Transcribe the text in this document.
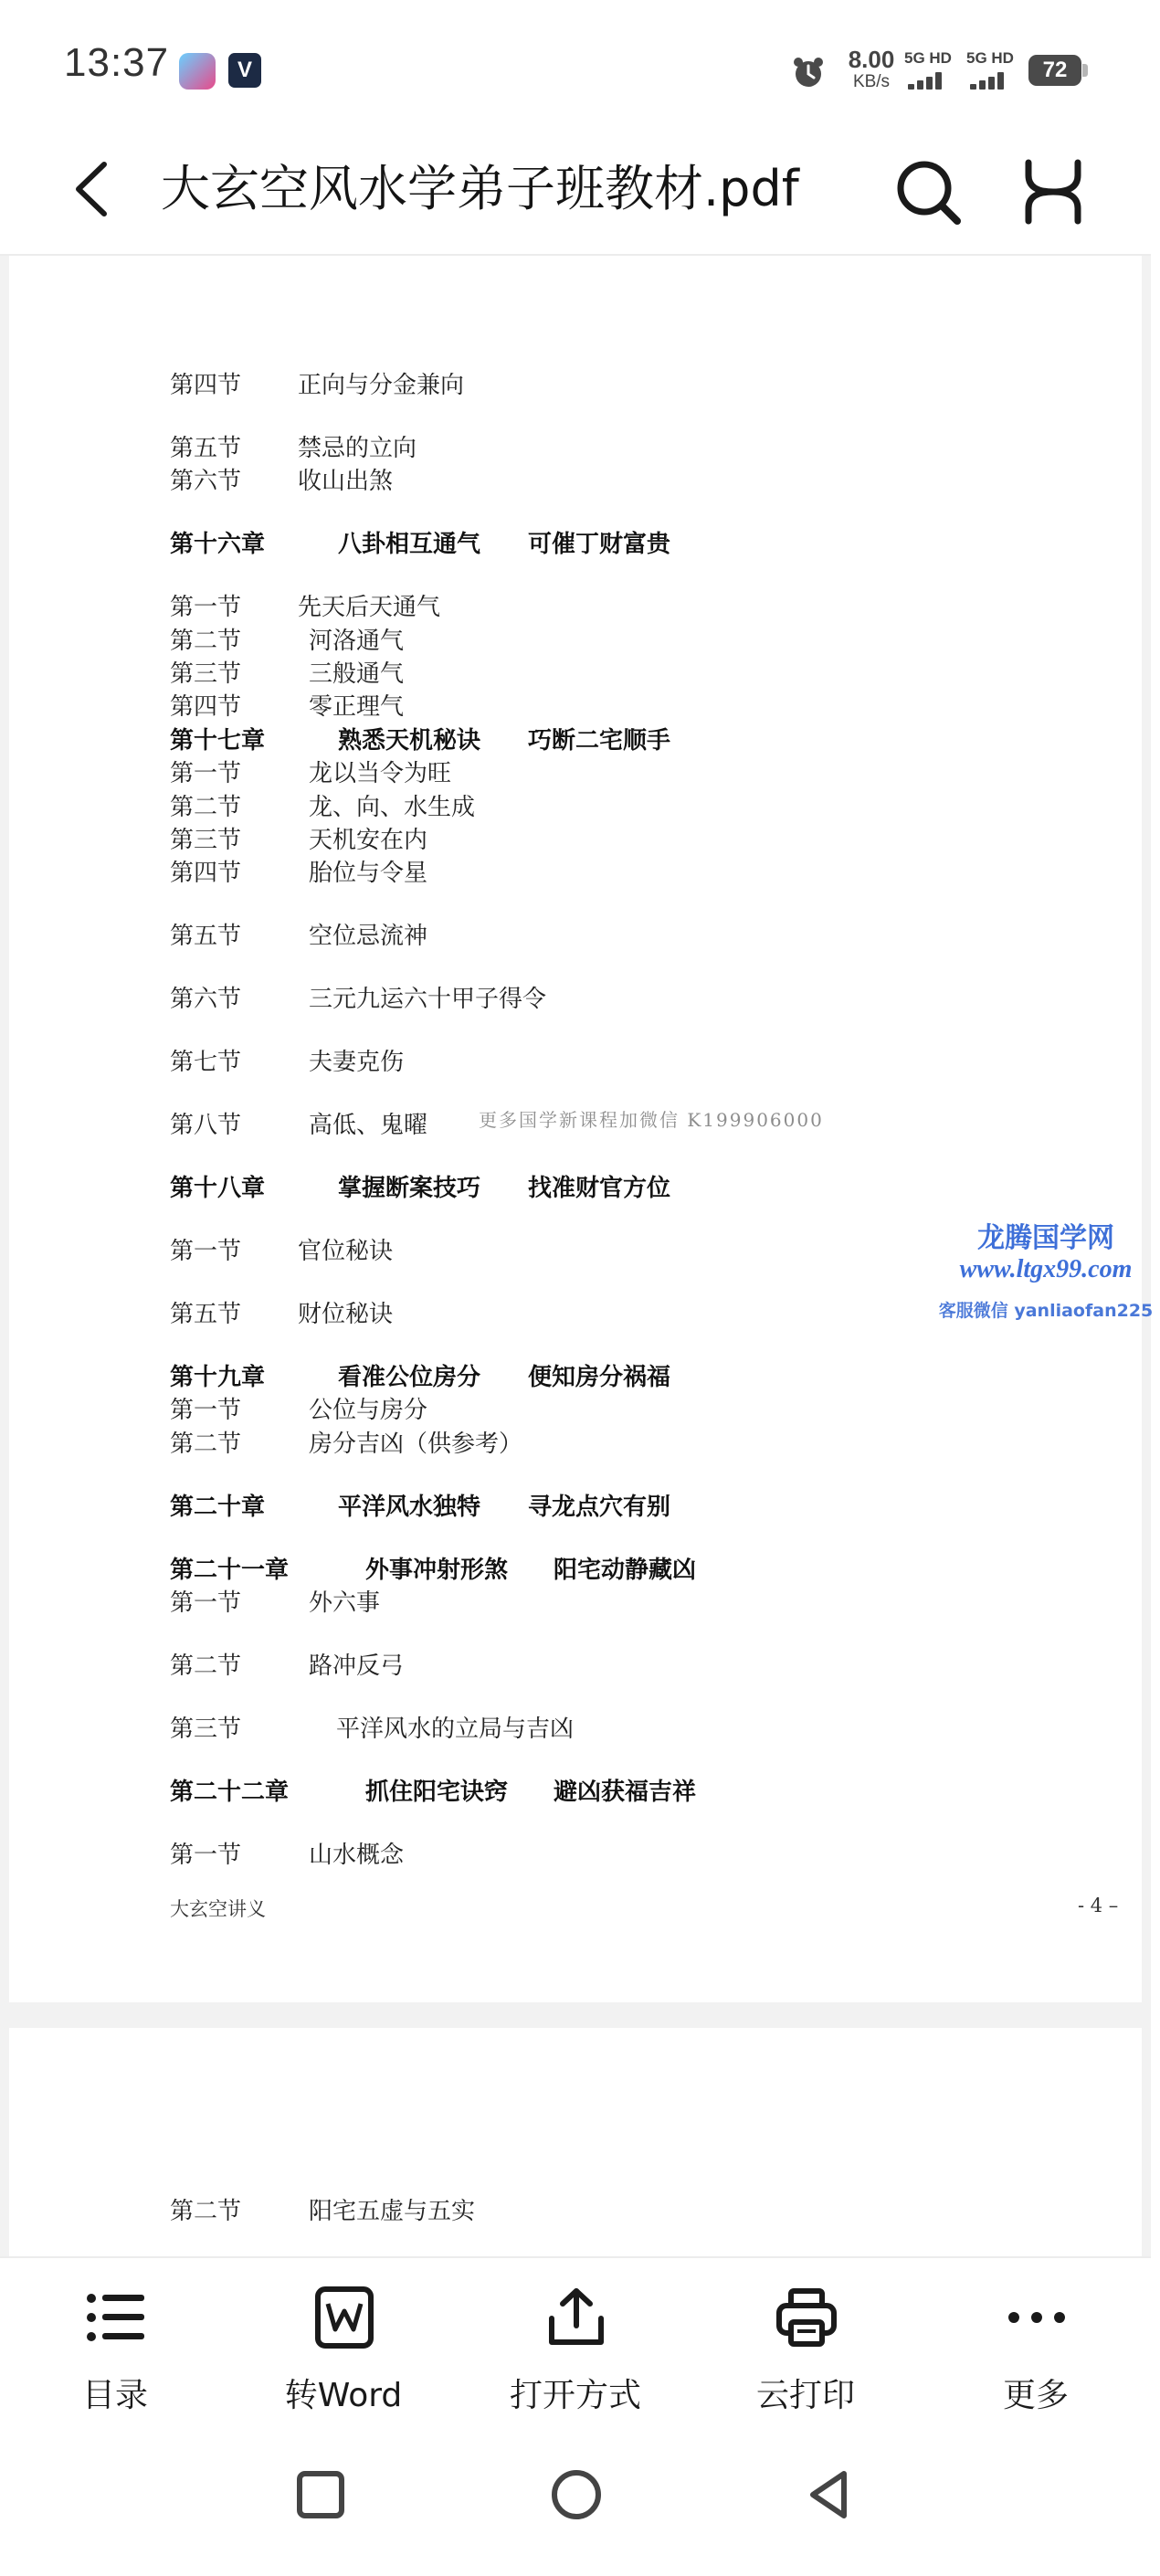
13:37	V	8.00
KB/s
5G HD 5G HD	72
大玄空风水学弟子班教材.pdf
第四节 正向与分金兼向
第五节 禁忌的立向
第六节 收山出煞
第十六章	八卦相互通气 可催丁财富贵
第一节 先天后天通气
第二节	河洛通气
第三节	三般通气
第四节	零正理气
第十七章	熟悉天机秘诀 巧断二宅顺手
第一节	龙以当令为旺
第二节	龙、向、水生成
第三节	天机安在内
第四节	胎位与令星
第五节	空位忌流神
第六节	三元九运六十甲子得令
第七节	夫妻克伤
第八节	高低、鬼曜
第十八章	掌握断案技巧 找准财官方位
第一节 官位秘诀
第五节 财位秘诀
第十九章	看准公位房分 便知房分祸福
第一节	公位与房分
第二节	房分吉凶（供参考）
第二十章	平洋风水独特 寻龙点穴有别
第二十一章	外事冲射形煞 阳宅动静藏凶
第一节	外六事
第二节	路冲反弓
第三节	平洋风水的立局与吉凶
第二十二章	抓住阳宅诀窍 避凶获福吉祥
第一节	山水概念
更多国学新课程加微信 K199906000
龙腾国学网
www.ltgx99.com
客服微信 yanliaofan225
大玄空讲义	- 4 –
第二节	阳宅五虚与五实
目录	转Word	打开方式	云打印	更多
